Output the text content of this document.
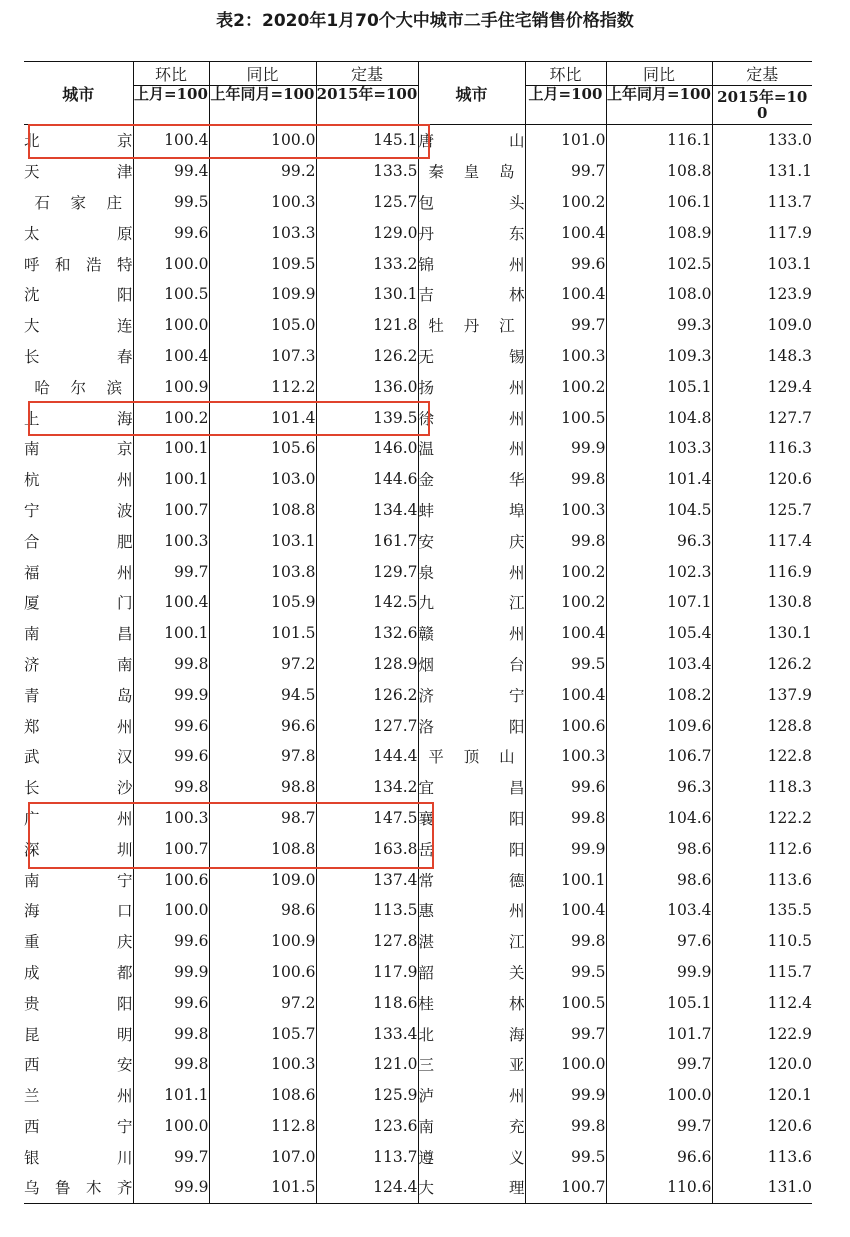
表2：2020年1月70个大中城市二手住宅销售价格指数
城市	环比	同比	定基	城市	环比	同比	定基
	上月=100	上年同月=100	2015年=100		上月=100	上年同月=100	2015年=100

北 京	100.4	100.0	145.1	唐 山	101.0	116.1	133.0

天 津	99.4	99.2	133.5	秦 皇 岛	99.7	108.8	131.1

石 家 庄	99.5	100.3	125.7	包 头	100.2	106.1	113.7

太 原	99.6	103.3	129.0	丹 东	100.4	108.9	117.9

呼 和 浩 特	100.0	109.5	133.2	锦 州	99.6	102.5	103.1

沈 阳	100.5	109.9	130.1	吉 林	100.4	108.0	123.9

大 连	100.0	105.0	121.8	牡 丹 江	99.7	99.3	109.0

长 春	100.4	107.3	126.2	无 锡	100.3	109.3	148.3

哈 尔 滨	100.9	112.2	136.0	扬 州	100.2	105.1	129.4

上 海	100.2	101.4	139.5	徐 州	100.5	104.8	127.7

南 京	100.1	105.6	146.0	温 州	99.9	103.3	116.3

杭 州	100.1	103.0	144.6	金 华	99.8	101.4	120.6

宁 波	100.7	108.8	134.4	蚌 埠	100.3	104.5	125.7

合 肥	100.3	103.1	161.7	安 庆	99.8	96.3	117.4

福 州	99.7	103.8	129.7	泉 州	100.2	102.3	116.9

厦 门	100.4	105.9	142.5	九 江	100.2	107.1	130.8

南 昌	100.1	101.5	132.6	赣 州	100.4	105.4	130.1

济 南	99.8	97.2	128.9	烟 台	99.5	103.4	126.2

青 岛	99.9	94.5	126.2	济 宁	100.4	108.2	137.9

郑 州	99.6	96.6	127.7	洛 阳	100.6	109.6	128.8

武 汉	99.6	97.8	144.4	平 顶 山	100.3	106.7	122.8

长 沙	99.8	98.8	134.2	宜 昌	99.6	96.3	118.3

广 州	100.3	98.7	147.5	襄 阳	99.8	104.6	122.2

深 圳	100.7	108.8	163.8	岳 阳	99.9	98.6	112.6

南 宁	100.6	109.0	137.4	常 德	100.1	98.6	113.6

海 口	100.0	98.6	113.5	惠 州	100.4	103.4	135.5

重 庆	99.6	100.9	127.8	湛 江	99.8	97.6	110.5

成 都	99.9	100.6	117.9	韶 关	99.5	99.9	115.7

贵 阳	99.6	97.2	118.6	桂 林	100.5	105.1	112.4

昆 明	99.8	105.7	133.4	北 海	99.7	101.7	122.9

西 安	99.8	100.3	121.0	三 亚	100.0	99.7	120.0

兰 州	101.1	108.6	125.9	泸 州	99.9	100.0	120.1

西 宁	100.0	112.8	123.6	南 充	99.8	99.7	120.6

银 川	99.7	107.0	113.7	遵 义	99.5	96.6	113.6

乌 鲁 木 齐	99.9	101.5	124.4	大 理	100.7	110.6	131.0
